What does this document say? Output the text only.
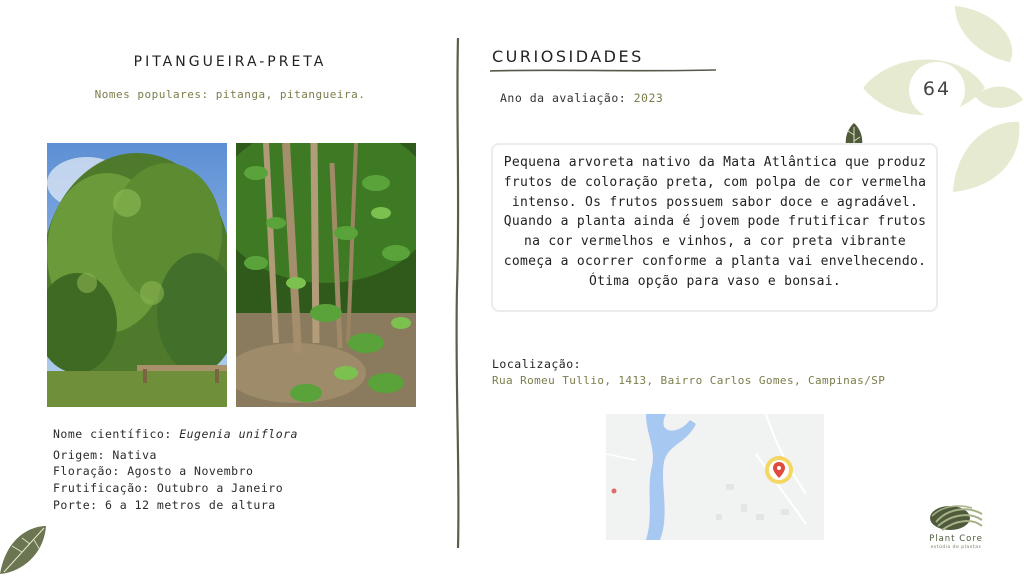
64
PITANGUEIRA-PRETA
Nomes populares: pitanga, pitangueira.
Nome científico: Eugenia uniflora
Origem: Nativa
Floração: Agosto a Novembro
Frutificação: Outubro a Janeiro
Porte: 6 a 12 metros de altura
CURIOSIDADES
Ano da avaliação: 2023
Pequena arvoreta nativo da Mata Atlântica que produz frutos de coloração preta, com polpa de cor vermelha intenso. Os frutos possuem sabor doce e agradável. Quando a planta ainda é jovem pode frutificar frutos na cor vermelhos e vinhos, a cor preta vibrante começa a ocorrer conforme a planta vai envelhecendo. Ótima opção para vaso e bonsai.
Localização:
Rua Romeu Tullio, 1413, Bairro Carlos Gomes, Campinas/SP
Plant Core
estúdio de plantas
